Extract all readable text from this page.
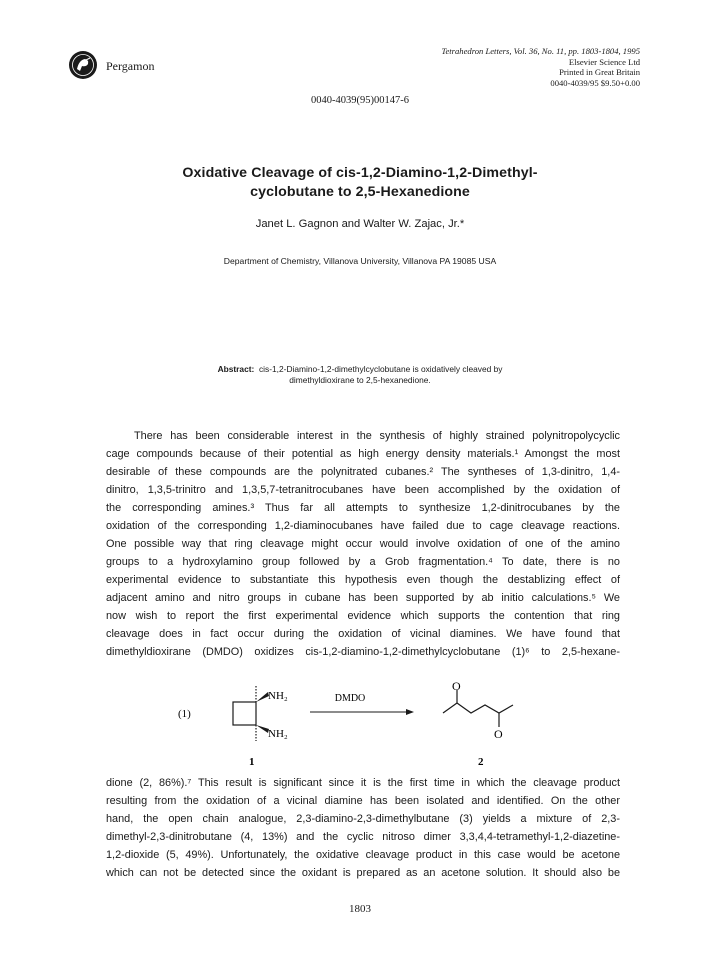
Pergamon
Tetrahedron Letters, Vol. 36, No. 11, pp. 1803-1804, 1995
Elsevier Science Ltd
Printed in Great Britain
0040-4039/95 $9.50+0.00
0040-4039(95)00147-6
Oxidative Cleavage of cis-1,2-Diamino-1,2-Dimethyl-
cyclobutane to 2,5-Hexanedione
Janet L. Gagnon and Walter W. Zajac, Jr.*
Department of Chemistry, Villanova University, Villanova PA 19085 USA
Abstract: cis-1,2-Diamino-1,2-dimethylcyclobutane is oxidatively cleaved by
dimethyldioxirane to 2,5-hexanedione.
There has been considerable interest in the synthesis of highly strained polynitropolycyclic
cage compounds because of their potential as high energy density materials.¹ Amongst the most
desirable of these compounds are the polynitrated cubanes.² The syntheses of 1,3-dinitro, 1,4-
dinitro, 1,3,5-trinitro and 1,3,5,7-tetranitrocubanes have been accomplished by the oxidation of
the corresponding amines.³ Thus far all attempts to synthesize 1,2-dinitrocubanes by the
oxidation of the corresponding 1,2-diaminocubanes have failed due to cage cleavage reactions.
One possible way that ring cleavage might occur would involve oxidation of one of the amino
groups to a hydroxylamino group followed by a Grob fragmentation.⁴ To date, there is no
experimental evidence to substantiate this hypothesis even though the destablizing effect of
adjacent amino and nitro groups in cubane has been supported by ab initio calculations.⁵ We
now wish to report the first experimental evidence which supports the contention that ring
cleavage does in fact occur during the oxidation of vicinal diamines. We have found that
dimethyldioxirane (DMDO) oxidizes cis-1,2-diamino-1,2-dimethylcyclobutane (1)⁶ to 2,5-hexane-
(1)
NH₂
NH₂
1
DMDO
O
O
2
dione (2, 86%).⁷ This result is significant since it is the first time in which the cleavage product
resulting from the oxidation of a vicinal diamine has been isolated and identified. On the other
hand, the open chain analogue, 2,3-diamino-2,3-dimethylbutane (3) yields a mixture of 2,3-
dimethyl-2,3-dinitrobutane (4, 13%) and the cyclic nitroso dimer 3,3,4,4-tetramethyl-1,2-diazetine-
1,2-dioxide (5, 49%). Unfortunately, the oxidative cleavage product in this case would be acetone
which can not be detected since the oxidant is prepared as an acetone solution. It should also be
1803
